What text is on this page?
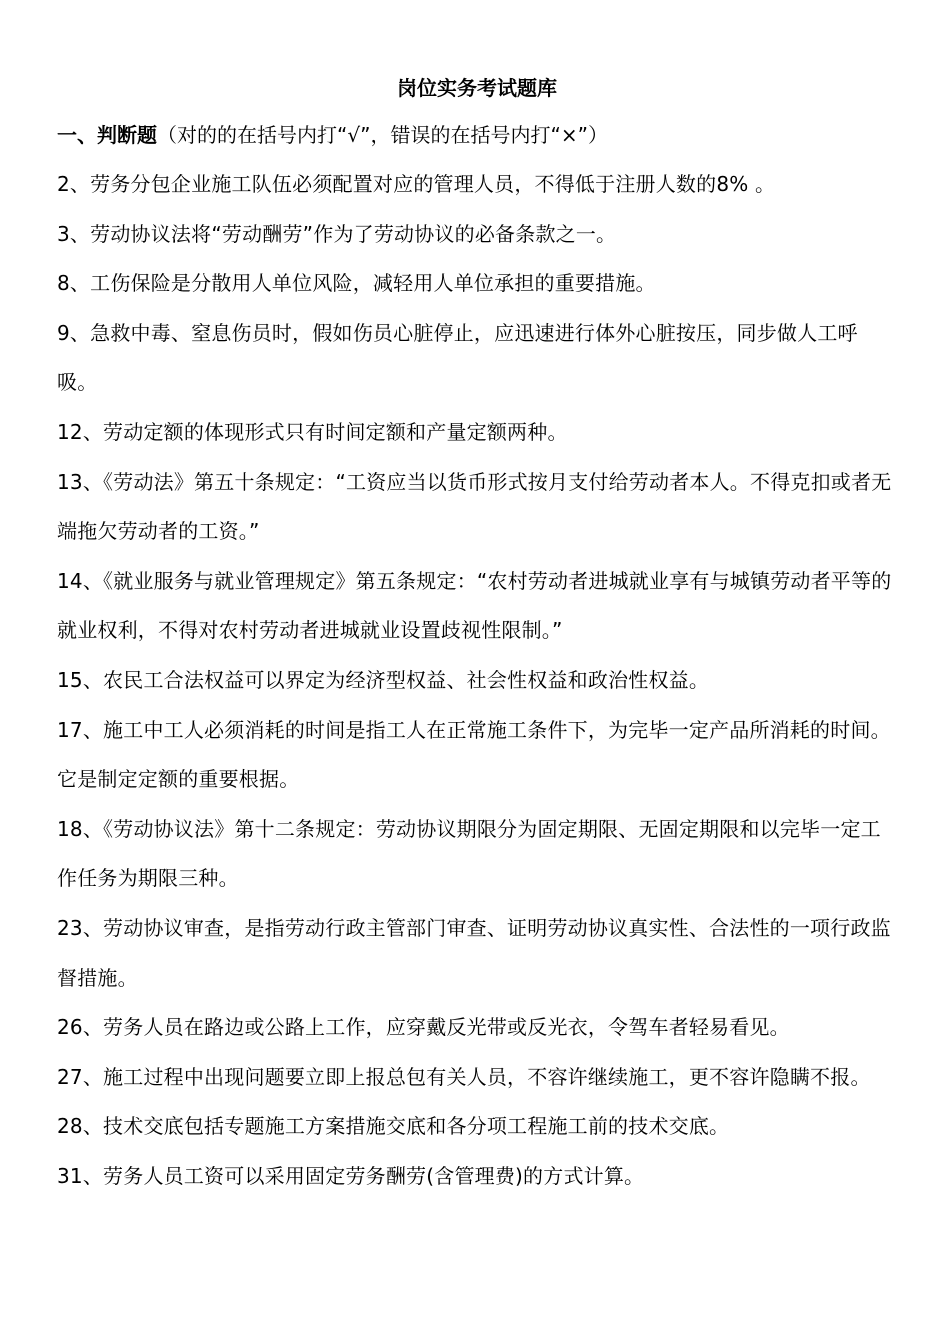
岗位实务考试题库

一、判断题（对的的在括号内打“√”，错误的在括号内打“×”）

2、劳务分包企业施工队伍必须配置对应的管理人员，不得低于注册人数的8% 。
3、劳动协议法将“劳动酬劳”作为了劳动协议的必备条款之一。
8、工伤保险是分散用人单位风险，减轻用人单位承担的重要措施。
9、急救中毒、窒息伤员时，假如伤员心脏停止，应迅速进行体外心脏按压，同步做人工呼吸。
12、劳动定额的体现形式只有时间定额和产量定额两种。
13、《劳动法》第五十条规定：“工资应当以货币形式按月支付给劳动者本人。不得克扣或者无端拖欠劳动者的工资。”
14、《就业服务与就业管理规定》第五条规定：“农村劳动者进城就业享有与城镇劳动者平等的就业权利，不得对农村劳动者进城就业设置歧视性限制。”
15、农民工合法权益可以界定为经济型权益、社会性权益和政治性权益。
17、施工中工人必须消耗的时间是指工人在正常施工条件下，为完毕一定产品所消耗的时间。它是制定定额的重要根据。
18、《劳动协议法》第十二条规定：劳动协议期限分为固定期限、无固定期限和以完毕一定工作任务为期限三种。
23、劳动协议审查，是指劳动行政主管部门审查、证明劳动协议真实性、合法性的一项行政监督措施。
26、劳务人员在路边或公路上工作，应穿戴反光带或反光衣，令驾车者轻易看见。
27、施工过程中出现问题要立即上报总包有关人员，不容许继续施工，更不容许隐瞒不报。
28、技术交底包括专题施工方案措施交底和各分项工程施工前的技术交底。
31、劳务人员工资可以采用固定劳务酬劳(含管理费)的方式计算。
